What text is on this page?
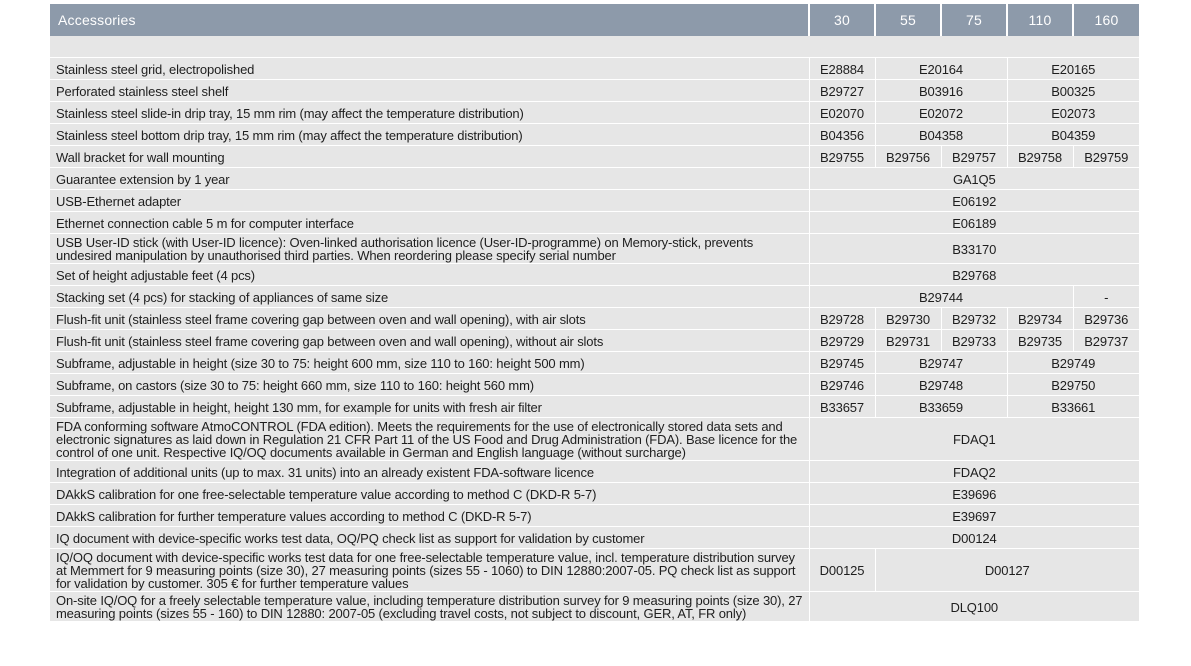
Accessories	30	55	75	110	160

Stainless steel grid, electropolished	E28884	E20164		E20165	
Perforated stainless steel shelf	B29727	B03916		B00325	
Stainless steel slide-in drip tray, 15 mm rim (may affect the temperature distribution)	E02070	E02072		E02073	
Stainless steel bottom drip tray, 15 mm rim (may affect the temperature distribution)	B04356	B04358		B04359	
Wall bracket for wall mounting	B29755	B29756	B29757	B29758	B29759
Guarantee extension by 1 year	GA1Q5				
USB-Ethernet adapter	E06192				
Ethernet connection cable 5 m for computer interface	E06189				
USB User-ID stick (with User-ID licence): Oven-linked authorisation licence (User-ID-programme) on Memory-stick, prevents undesired manipulation by unauthorised third parties. When reordering please specify serial number	B33170				
Set of height adjustable feet (4 pcs)	B29768				
Stacking set (4 pcs) for stacking of appliances of same size	B29744				-
Flush-fit unit (stainless steel frame covering gap between oven and wall opening), with air slots	B29728	B29730	B29732	B29734	B29736
Flush-fit unit (stainless steel frame covering gap between oven and wall opening), without air slots	B29729	B29731	B29733	B29735	B29737
Subframe, adjustable in height (size 30 to 75: height 600 mm, size 110 to 160: height 500 mm)	B29745	B29747		B29749	
Subframe, on castors (size 30 to 75: height 660 mm, size 110 to 160: height 560 mm)	B29746	B29748		B29750	
Subframe, adjustable in height, height 130 mm, for example for units with fresh air filter	B33657	B33659		B33661	
FDA conforming software AtmoCONTROL (FDA edition). Meets the requirements for the use of electronically stored data sets and electronic signatures as laid down in Regulation 21 CFR Part 11 of the US Food and Drug Administration (FDA). Base licence for the control of one unit. Respective IQ/OQ documents available in German and English language (without surcharge)	FDAQ1				
Integration of additional units (up to max. 31 units) into an already existent FDA-software licence	FDAQ2				
DAkkS calibration for one free-selectable temperature value according to method C (DKD-R 5-7)	E39696				
DAkkS calibration for further temperature values according to method C (DKD-R 5-7)	E39697				
IQ document with device-specific works test data, OQ/PQ check list as support for validation by customer	D00124				
IQ/OQ document with device-specific works test data for one free-selectable temperature value, incl. temperature distribution survey at Memmert for 9 measuring points (size 30), 27 measuring points (sizes 55 - 1060) to DIN 12880:2007-05. PQ check list as support for validation by customer. 305 € for further temperature values	D00125	D00127			
On-site IQ/OQ for a freely selectable temperature value, including temperature distribution survey for 9 measuring points (size 30), 27 measuring points (sizes 55 - 160) to DIN 12880: 2007-05 (excluding travel costs, not subject to discount, GER, AT, FR only)	DLQ100				
